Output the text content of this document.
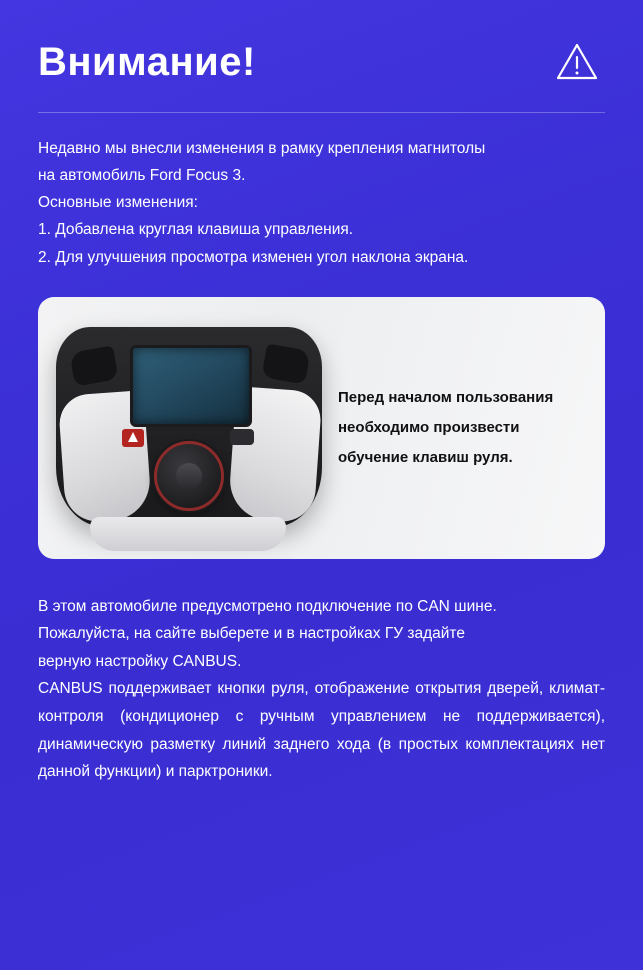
Внимание!

Недавно мы внесли изменения в рамку крепления магнитолы

на автомобиль Ford Focus 3.

Основные изменения:

1. Добавлена круглая клавиша управления.

2. Для улучшения просмотра изменен угол наклона экрана.

Перед началом пользования

необходимо произвести

обучение клавиш руля.

В этом автомобиле предусмотрено подключение по CAN шине.

Пожалуйста, на сайте выберете и в настройках ГУ задайте

верную настройку CANBUS.

CANBUS поддерживает кнопки руля, отображение открытия дверей, климат-контроля (кондиционер с ручным управлением не поддерживается), динамическую разметку линий заднего хода (в простых комплектациях нет данной функции) и парктроники.
